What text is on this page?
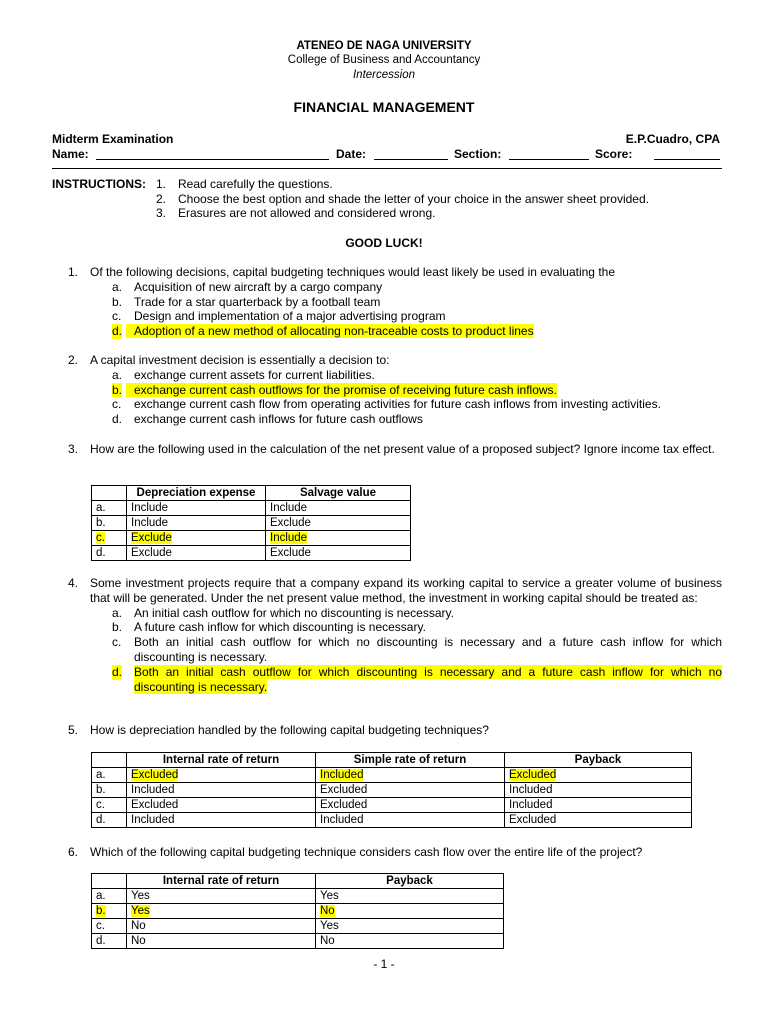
ATENEO DE NAGA UNIVERSITY
College of Business and Accountancy
Intercession
FINANCIAL MANAGEMENT
Midterm Examination	E.P.Cuadro, CPA
Name:	Date:	Section:	Score:
INSTRUCTIONS: 1. Read carefully the questions.
2. Choose the best option and shade the letter of your choice in the answer sheet provided.
3. Erasures are not allowed and considered wrong.
GOOD LUCK!
1. Of the following decisions, capital budgeting techniques would least likely be used in evaluating the
a. Acquisition of new aircraft by a cargo company
b. Trade for a star quarterback by a football team
c. Design and implementation of a major advertising program
d. Adoption of a new method of allocating non-traceable costs to product lines
2. A capital investment decision is essentially a decision to:
a. exchange current assets for current liabilities.
b. exchange current cash outflows for the promise of receiving future cash inflows.
c. exchange current cash flow from operating activities for future cash inflows from investing activities.
d. exchange current cash inflows for future cash outflows
3. How are the following used in the calculation of the net present value of a proposed subject? Ignore income tax effect.
	Depreciation expense	Salvage value
a.	Include	Include
b.	Include	Exclude
c.	Exclude	Include
d.	Exclude	Exclude
4. Some investment projects require that a company expand its working capital to service a greater volume of business that will be generated. Under the net present value method, the investment in working capital should be treated as:
a. An initial cash outflow for which no discounting is necessary.
b. A future cash inflow for which discounting is necessary.
c. Both an initial cash outflow for which no discounting is necessary and a future cash inflow for which discounting is necessary.
d. Both an initial cash outflow for which discounting is necessary and a future cash inflow for which no discounting is necessary.
5. How is depreciation handled by the following capital budgeting techniques?
	Internal rate of return	Simple rate of return	Payback
a.	Excluded	Included	Excluded
b.	Included	Excluded	Included
c.	Excluded	Excluded	Included
d.	Included	Included	Excluded
6. Which of the following capital budgeting technique considers cash flow over the entire life of the project?
	Internal rate of return	Payback
a.	Yes	Yes
b.	Yes	No
c.	No	Yes
d.	No	No
- 1 -
